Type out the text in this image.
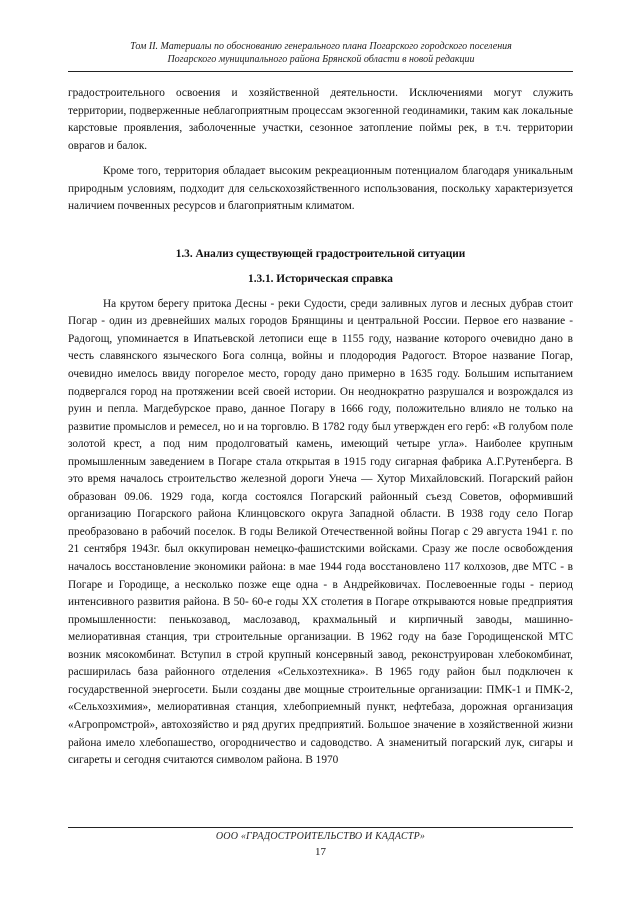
Том II. Материалы по обоснованию генерального плана Погарского городского поселения
Погарского муниципального района Брянской области в новой редакции

градостроительного освоения и хозяйственной деятельности. Исключениями могут служить территории, подверженные неблагоприятным процессам экзогенной геодинамики, таким как локальные карстовые проявления, заболоченные участки, сезонное затопление поймы рек, в т.ч. территории оврагов и балок.

Кроме того, территория обладает высоким рекреационным потенциалом благодаря уникальным природным условиям, подходит для сельскохозяйственного использования, поскольку характеризуется наличием почвенных ресурсов и благоприятным климатом.

1.3. Анализ существующей градостроительной ситуации
1.3.1. Историческая справка

На крутом берегу притока Десны - реки Судости, среди заливных лугов и лесных дубрав стоит Погар - один из древнейших малых городов Брянщины и центральной России. Первое его название - Радогощ, упоминается в Ипатьевской летописи еще в 1155 году, название которого очевидно дано в честь славянского языческого Бога солнца, войны и плодородия Радогост. Второе название Погар, очевидно имелось ввиду погорелое место, городу дано примерно в 1635 году. Большим испытанием подвергался город на протяжении всей своей истории. Он неоднократно разрушался и возрождался из руин и пепла. Магдебурское право, данное Погару в 1666 году, положительно влияло не только на развитие промыслов и ремесел, но и на торговлю. В 1782 году был утвержден его герб: «В голубом поле золотой крест, а под ним продолговатый камень, имеющий четыре угла». Наиболее крупным промышленным заведением в Погаре стала открытая в 1915 году сигарная фабрика А.Г.Рутенберга. В это время началось строительство железной дороги Унеча — Хутор Михайловский. Погарский район образован 09.06. 1929 года, когда состоялся Погарский районный съезд Советов, оформивший организацию Погарского района Клинцовского округа Западной области. В 1938 году село Погар преобразовано в рабочий поселок. В годы Великой Отечественной войны Погар с 29 августа 1941 г. по 21 сентября 1943г. был оккупирован немецко-фашистскими войсками. Сразу же после освобождения началось восстановление экономики района: в мае 1944 года восстановлено 117 колхозов, две МТС - в Погаре и Городище, а несколько позже еще одна - в Андрейковичах. Послевоенные годы - период интенсивного развития района. В 50- 60-е годы XX столетия в Погаре открываются новые предприятия промышленности: пенькозавод, маслозавод, крахмальный и кирпичный заводы, машинно-мелиоративная станция, три строительные организации. В 1962 году на базе Городищенской МТС возник мясокомбинат. Вступил в строй крупный консервный завод, реконструирован хлебокомбинат, расширилась база районного отделения «Сельхозтехника». В 1965 году район был подключен к государственной энергосети. Были созданы две мощные строительные организации: ПМК-1 и ПМК-2, «Сельхозхимия», мелиоративная станция, хлебоприемный пункт, нефтебаза, дорожная организация «Агропромстрой», автохозяйство и ряд других предприятий. Большое значение в хозяйственной жизни района имело хлебопашество, огородничество и садоводство. А знаменитый погарский лук, сигары и сигареты и сегодня считаются символом района. В 1970

ООО «ГРАДОСТРОИТЕЛЬСТВО И КАДАСТР»
17
